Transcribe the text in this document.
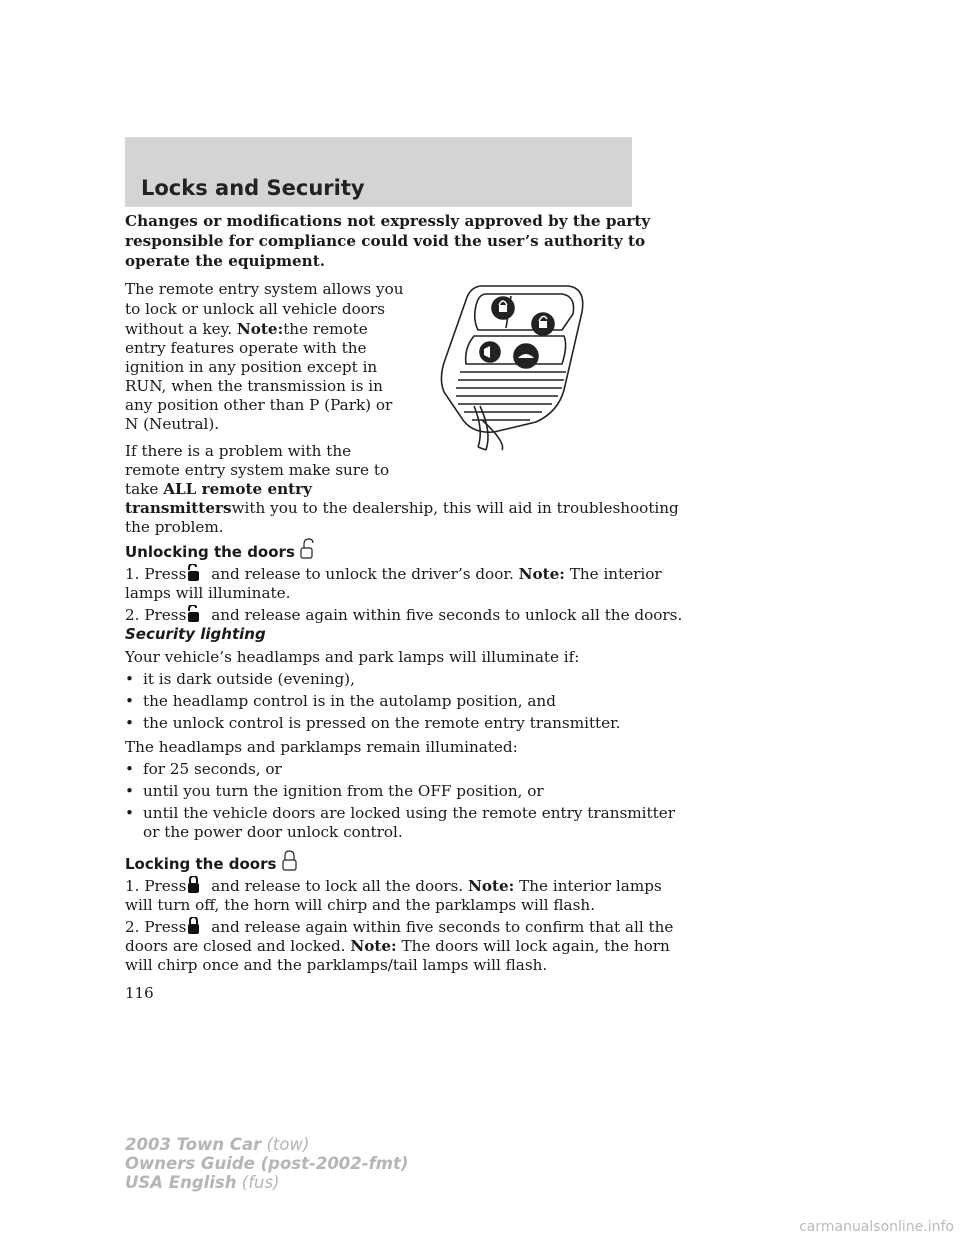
Locks and Security
Changes or modifications not expressly approved by the party
responsible for compliance could void the user’s authority to
operate the equipment.
The remote entry system allows you
to lock or unlock all vehicle doors
without a key. Note:the remote
entry features operate with the
ignition in any position except in
RUN, when the transmission is in
any position other than P (Park) or
N (Neutral).
If there is a problem with the
remote entry system make sure to
take ALL remote entry
transmitterswith you to the dealership, this will aid in troubleshooting
the problem.
Unlocking the doors
1. Press and release to unlock the driver’s door. Note: The interior
lamps will illuminate.
2. Press and release again within five seconds to unlock all the doors.
Security lighting
Your vehicle’s headlamps and park lamps will illuminate if:
• it is dark outside (evening),
• the headlamp control is in the autolamp position, and
• the unlock control is pressed on the remote entry transmitter.
The headlamps and parklamps remain illuminated:
• for 25 seconds, or
• until you turn the ignition from the OFF position, or
• until the vehicle doors are locked using the remote entry transmitter
or the power door unlock control.
Locking the doors
1. Press and release to lock all the doors. Note: The interior lamps
will turn off, the horn will chirp and the parklamps will flash.
2. Press and release again within five seconds to confirm that all the
doors are closed and locked. Note: The doors will lock again, the horn
will chirp once and the parklamps/tail lamps will flash.
116
2003 Town Car (tow)
Owners Guide (post-2002-fmt)
USA English (fus)
carmanualsonline.info
